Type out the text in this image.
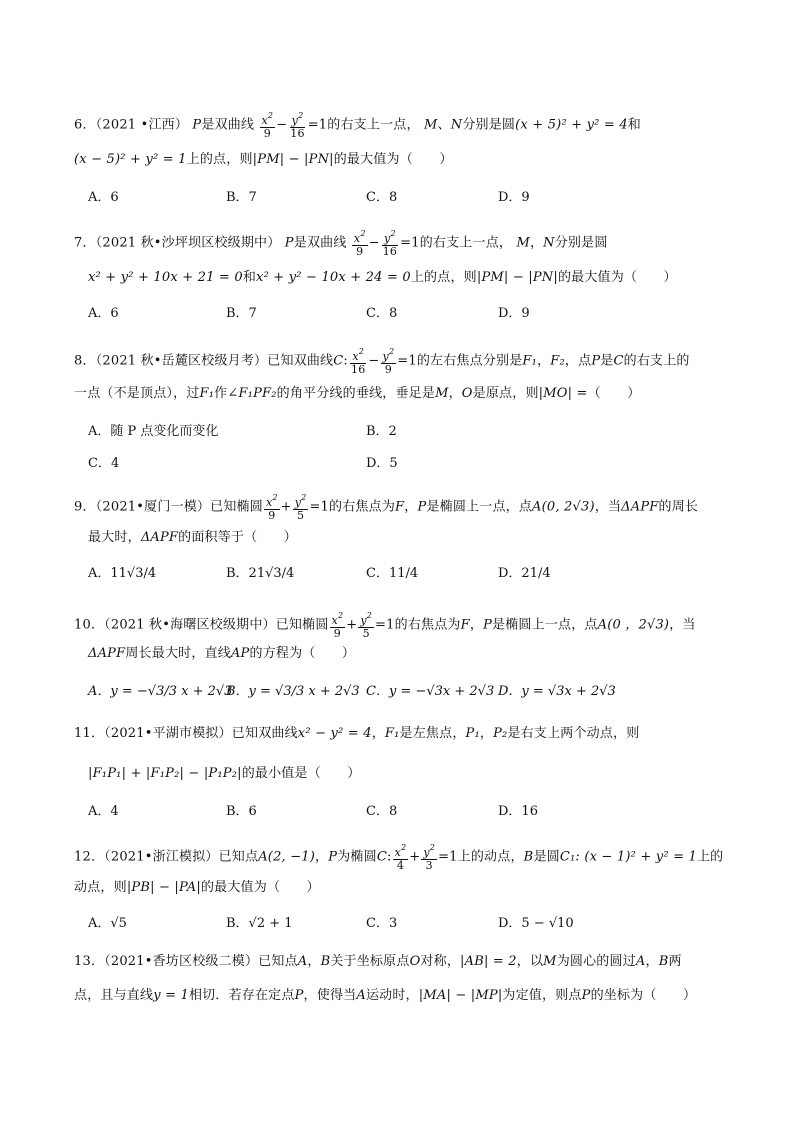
6．（2021 •江西） P是双曲线 $\frac{x^2}{9} - \frac{y^2}{16} =1$的右支上一点， M、N分别是圆(x + 5)² + y² = 4和
(x − 5)² + y² = 1上的点，则|PM| − |PN|的最大值为（　　）
A．6	B．7	C．8	D．9
7．（2021 秋•沙坪坝区校级期中） P是双曲线 $\frac{x^2}{9} - \frac{y^2}{16} =1$的右支上一点， M，N分别是圆
x² + y² + 10x + 21 = 0和x² + y² − 10x + 24 = 0上的点，则|PM| − |PN|的最大值为（　　）
A．6	B．7	C．8	D．9
8．（2021 秋•岳麓区校级月考）已知双曲线C: $\frac{x^2}{16} - \frac{y^2}{9} =1$的左右焦点分别是F₁，F₂，点P是C的右支上的
一点（不是顶点），过F₁作∠F₁PF₂的角平分线的垂线，垂足是M，O是原点，则|MO| =（　　）
A．随 P 点变化而变化	B．2
C．4	D．5
9．（2021•厦门一模）已知椭圆 $\frac{x^2}{9} + \frac{y^2}{5} =1$的右焦点为F，P是椭圆上一点，点A(0, 2√3)，当ΔAPF的周长
最大时，ΔAPF的面积等于（　　）
A．11√3/4	B．21√3/4	C．11/4	D．21/4
10．（2021 秋•海曙区校级期中）已知椭圆 $\frac{x^2}{9} + \frac{y^2}{5} =1$的右焦点为F，P是椭圆上一点，点A(0 ，2√3)，当
ΔAPF周长最大时，直线AP的方程为（　　）
A．y = −√3/3 x + 2√3
B．y = √3/3 x + 2√3 C．y = −√3x + 2√3 D．y = √3x + 2√3
11．（2021•平湖市模拟）已知双曲线x² − y² = 4，F₁是左焦点，P₁，P₂是右支上两个动点，则
|F₁P₁| + |F₁P₂| − |P₁P₂|的最小值是（　　）
A．4	B．6	C．8	D．16
12．（2021•浙江模拟）已知点A(2, −1)，P为椭圆C: $\frac{x^2}{4} + \frac{y^2}{3} =1$上的动点，B是圆C₁: (x − 1)² + y² = 1上的
动点，则|PB| − |PA|的最大值为（　　）
A．√5	B．√2 + 1	C．3	D．5 − √10
13．（2021•香坊区校级二模）已知点A，B关于坐标原点O对称，|AB| = 2，以M为圆心的圆过A，B两
点，且与直线y = 1相切．若存在定点P，使得当A运动时，|MA| − |MP|为定值，则点P的坐标为（　　）
